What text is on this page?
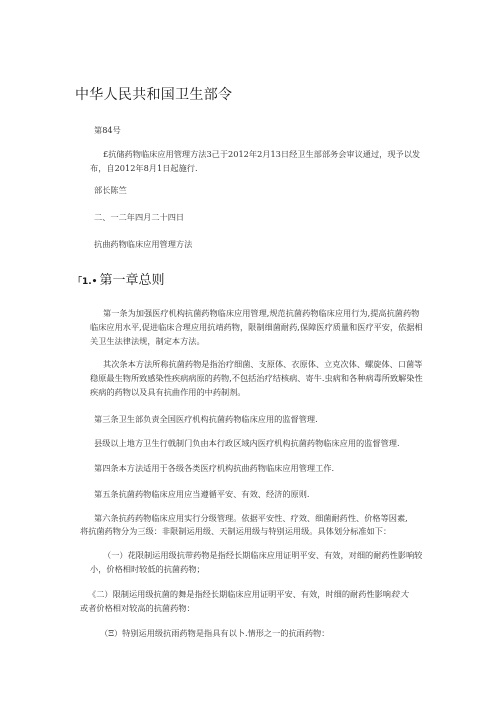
中华人民共和国卫生部令
第84号
£抗储药物临床应用管理方法3己于2012年2月13日经卫生部部务会审议通过，现予以发
布，自2012年8月1日起施行.
部长陈竺
二、一二年四月二十四日
抗曲药物临床应用管理方法
「1.• 第一章总则
第一条为加强医疗机构抗菌药物临床应用管理,规范抗菌药物临床应用行为,提高抗菌药物
临床应用水平,促进临床合理应用抗靖药物，限制细菌耐药,保障医疗质量和医疗平安，依据相
关卫生法律法规，制定本方法。
其次条本方法所称抗菌药物是指治疗细菌、支原体、衣原体、立克次体、螺旋体、口菌等
稳原最生物所致感染性疾病病原的药物,不包括治疗结核病、寄牛.虫病和各种病毒所致解染性
疾病的药物以及具有抗曲作用的中药制剂。
第三条卫生部负责全国医疗机构抗菌药物临床应用的监督管理.
县级以上地方卫生行戟制门负由本行政区域内医疗机构抗菌药物临床应用的监督管理.
第四条本方法适用于各级各类医疗机构抗曲药物临床应用管理工作.
第五条抗菌药物临床应用应当遵循平安、有效、经济的原则.
第六条抗药药物临床应用实行分级管理。依据平安性、疗效、细菌耐药性、价格等因素,
将抗菌药物分为三级：非限制运用级、天制运用级与特别运用级。具体划分标准如下：
（一）花限制运用级抗带药物是指经长期临床应用证明平安、有效，对细的耐药性影响较
小，价格相时较低的抗菌药物；
《二）限制运用级抗菌的舞是指经长期临床应用证明平安、有效，时细的耐药性影响较大
或者价格相对较高的抗菌药物：
（Ξ）特别运用级抗雨药物是指具有以卜.情形之一的抗雨药物：
